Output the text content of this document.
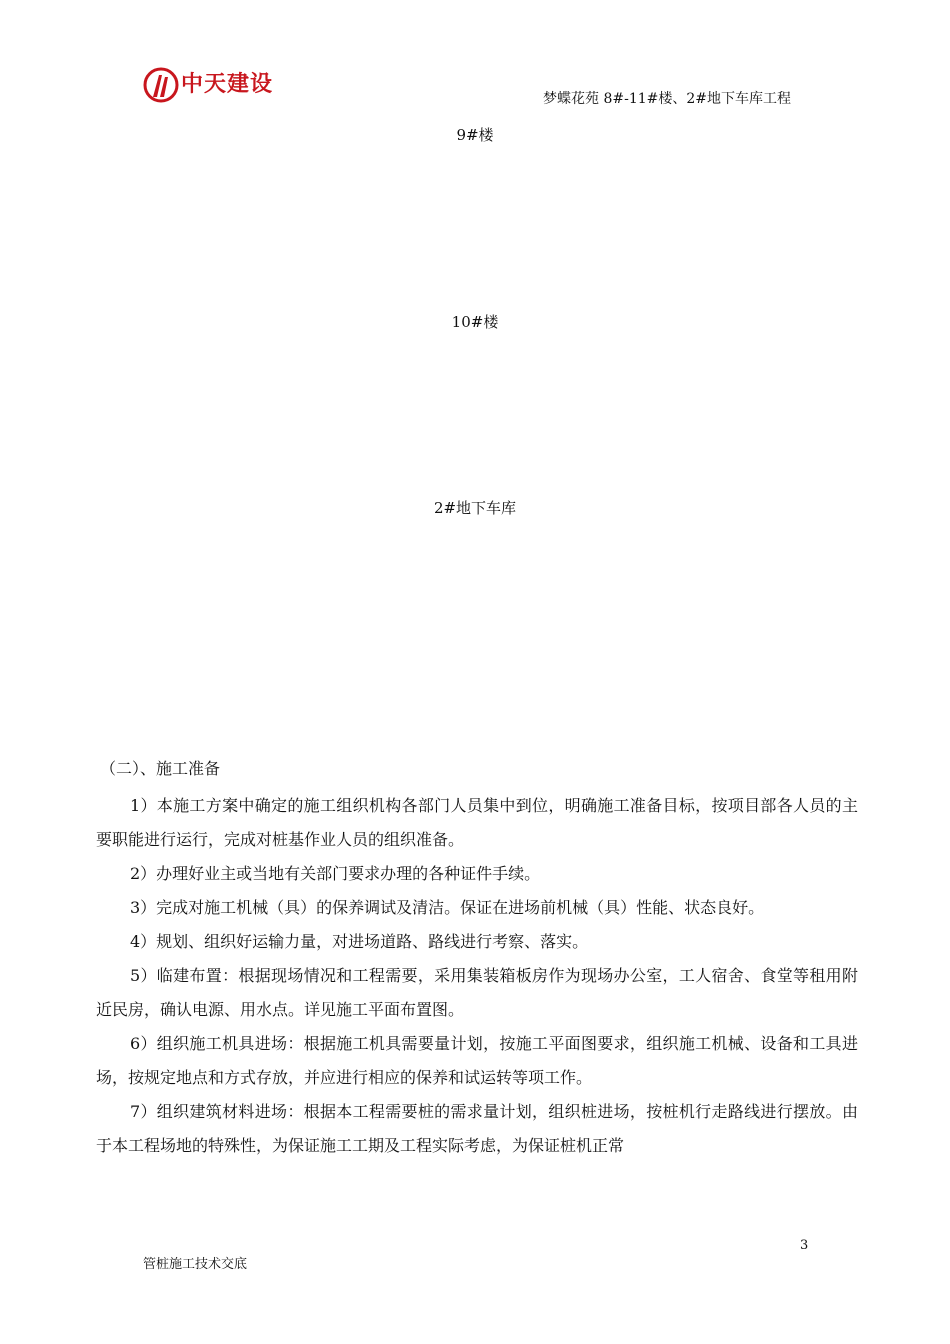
中天建设
梦蝶花苑 8#-11#楼、2#地下车库工程
9#楼
10#楼
2#地下车库
（二）、施工准备

1）本施工方案中确定的施工组织机构各部门人员集中到位，明确施工准备目标，按项目部各人员的主要职能进行运行，完成对桩基作业人员的组织准备。

2）办理好业主或当地有关部门要求办理的各种证件手续。

3）完成对施工机械（具）的保养调试及清洁。保证在进场前机械（具）性能、状态良好。

4）规划、组织好运输力量，对进场道路、路线进行考察、落实。

5）临建布置：根据现场情况和工程需要，采用集装箱板房作为现场办公室，工人宿舍、食堂等租用附近民房，确认电源、用水点。详见施工平面布置图。

6）组织施工机具进场：根据施工机具需要量计划，按施工平面图要求，组织施工机械、设备和工具进场，按规定地点和方式存放，并应进行相应的保养和试运转等项工作。

7）组织建筑材料进场：根据本工程需要桩的需求量计划，组织桩进场，按桩机行走路线进行摆放。由于本工程场地的特殊性，为保证施工工期及工程实际考虑，为保证桩机正常

3
管桩施工技术交底
